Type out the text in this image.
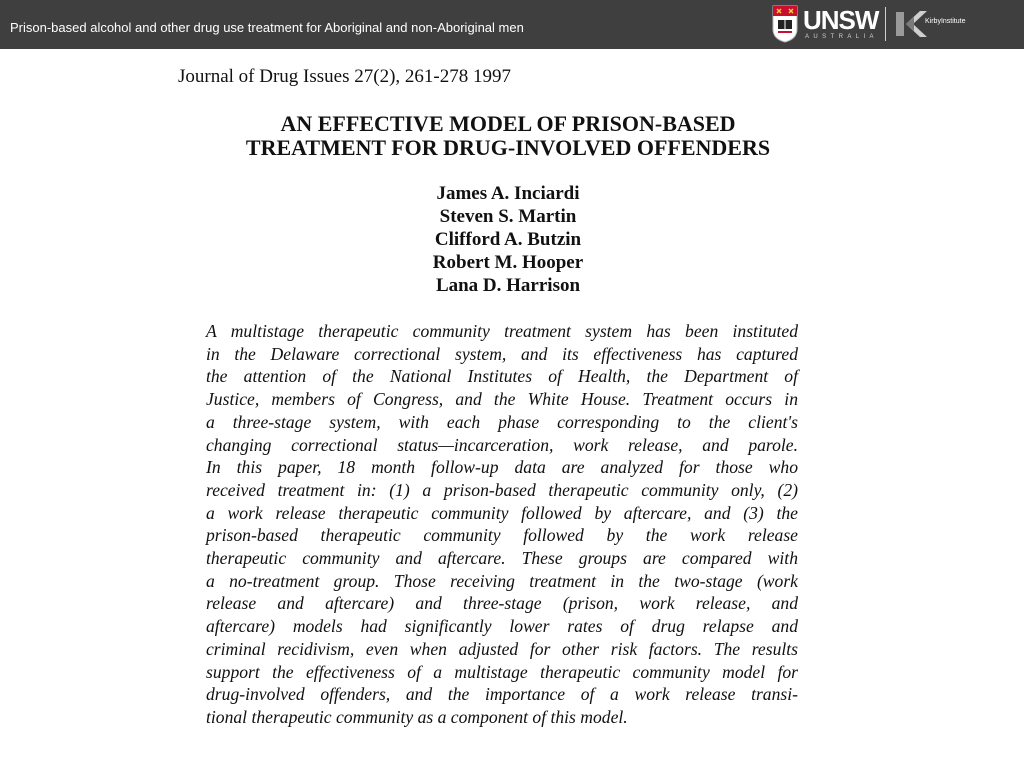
Prison-based alcohol and other drug use treatment for Aboriginal and non-Aboriginal men	UNSW
AUSTRALIA
KirbyInstitute
Journal of Drug Issues 27(2), 261-278 1997
AN EFFECTIVE MODEL OF PRISON-BASED
TREATMENT FOR DRUG-INVOLVED OFFENDERS
James A. Inciardi
Steven S. Martin
Clifford A. Butzin
Robert M. Hooper
Lana D. Harrison
A multistage therapeutic community treatment system has been instituted
in the Delaware correctional system, and its effectiveness has captured
the attention of the National Institutes of Health, the Department of
Justice, members of Congress, and the White House. Treatment occurs in
a three-stage system, with each phase corresponding to the client's
changing correctional status—incarceration, work release, and parole.
In this paper, 18 month follow-up data are analyzed for those who
received treatment in: (1) a prison-based therapeutic community only, (2)
a work release therapeutic community followed by aftercare, and (3) the
prison-based therapeutic community followed by the work release
therapeutic community and aftercare. These groups are compared with
a no-treatment group. Those receiving treatment in the two-stage (work
release and aftercare) and three-stage (prison, work release, and
aftercare) models had significantly lower rates of drug relapse and
criminal recidivism, even when adjusted for other risk factors. The results
support the effectiveness of a multistage therapeutic community model for
drug-involved offenders, and the importance of a work release transi-
tional therapeutic community as a component of this model.
